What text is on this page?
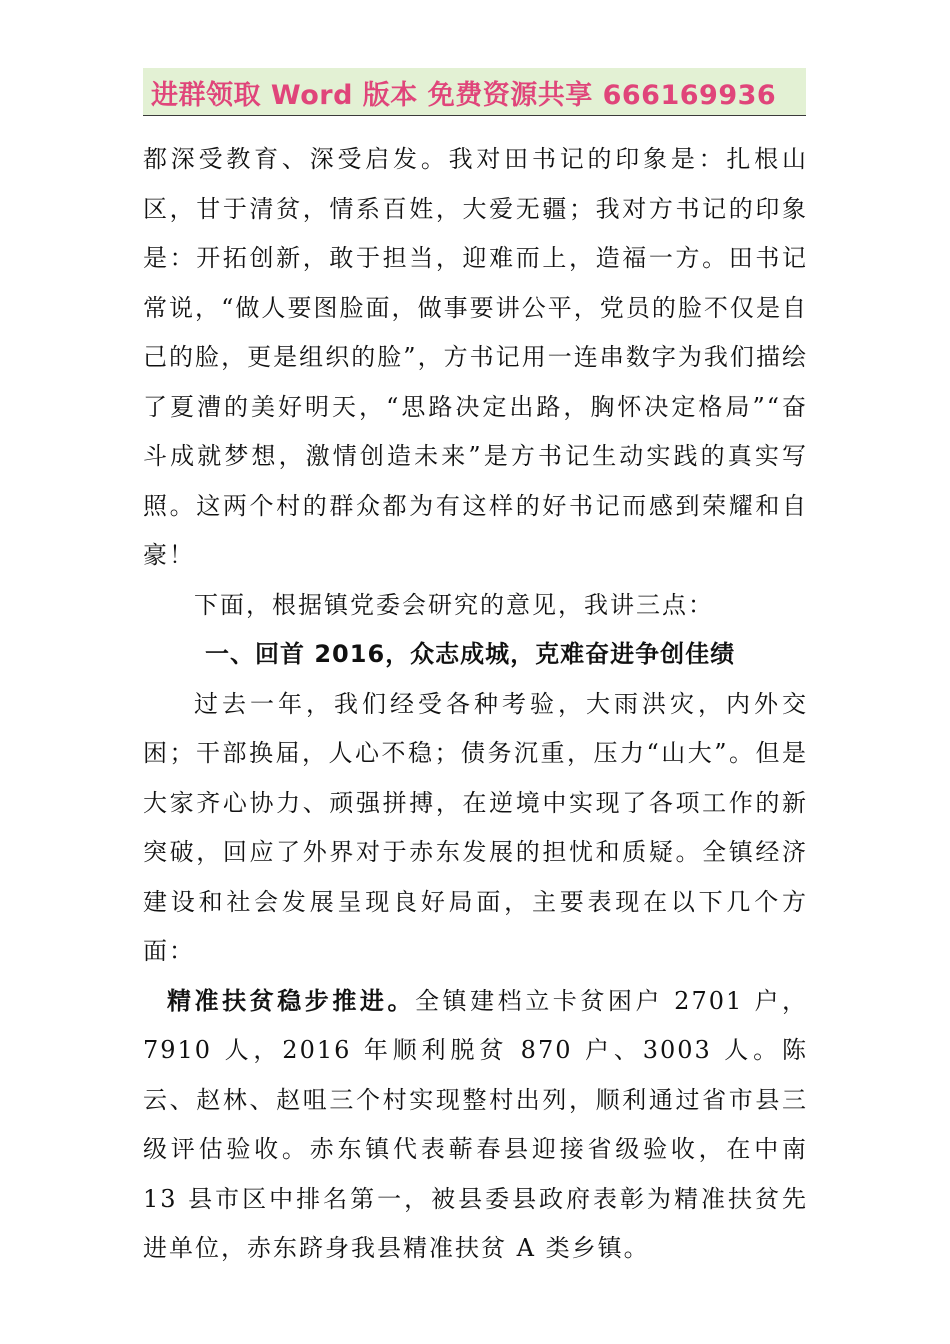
进群领取 Word 版本 免费资源共享 666169936

都深受教育、深受启发。我对田书记的印象是：扎根山区，甘于清贫，情系百姓，大爱无疆；我对方书记的印象是：开拓创新，敢于担当，迎难而上，造福一方。田书记常说，“做人要图脸面，做事要讲公平，党员的脸不仅是自己的脸，更是组织的脸”，方书记用一连串数字为我们描绘了夏漕的美好明天，“思路决定出路，胸怀决定格局”“奋斗成就梦想，激情创造未来”是方书记生动实践的真实写照。这两个村的群众都为有这样的好书记而感到荣耀和自豪！

下面，根据镇党委会研究的意见，我讲三点：

一、回首 2016，众志成城，克难奋进争创佳绩

过去一年，我们经受各种考验，大雨洪灾，内外交困；干部换届，人心不稳；债务沉重，压力“山大”。但是大家齐心协力、顽强拼搏，在逆境中实现了各项工作的新突破，回应了外界对于赤东发展的担忧和质疑。全镇经济建设和社会发展呈现良好局面，主要表现在以下几个方面：

精准扶贫稳步推进。全镇建档立卡贫困户 2701 户，7910 人，2016 年顺利脱贫 870 户、3003 人。陈云、赵林、赵咀三个村实现整村出列，顺利通过省市县三级评估验收。赤东镇代表蕲春县迎接省级验收，在中南 13 县市区中排名第一，被县委县政府表彰为精准扶贫先进单位，赤东跻身我县精准扶贫 A 类乡镇。
